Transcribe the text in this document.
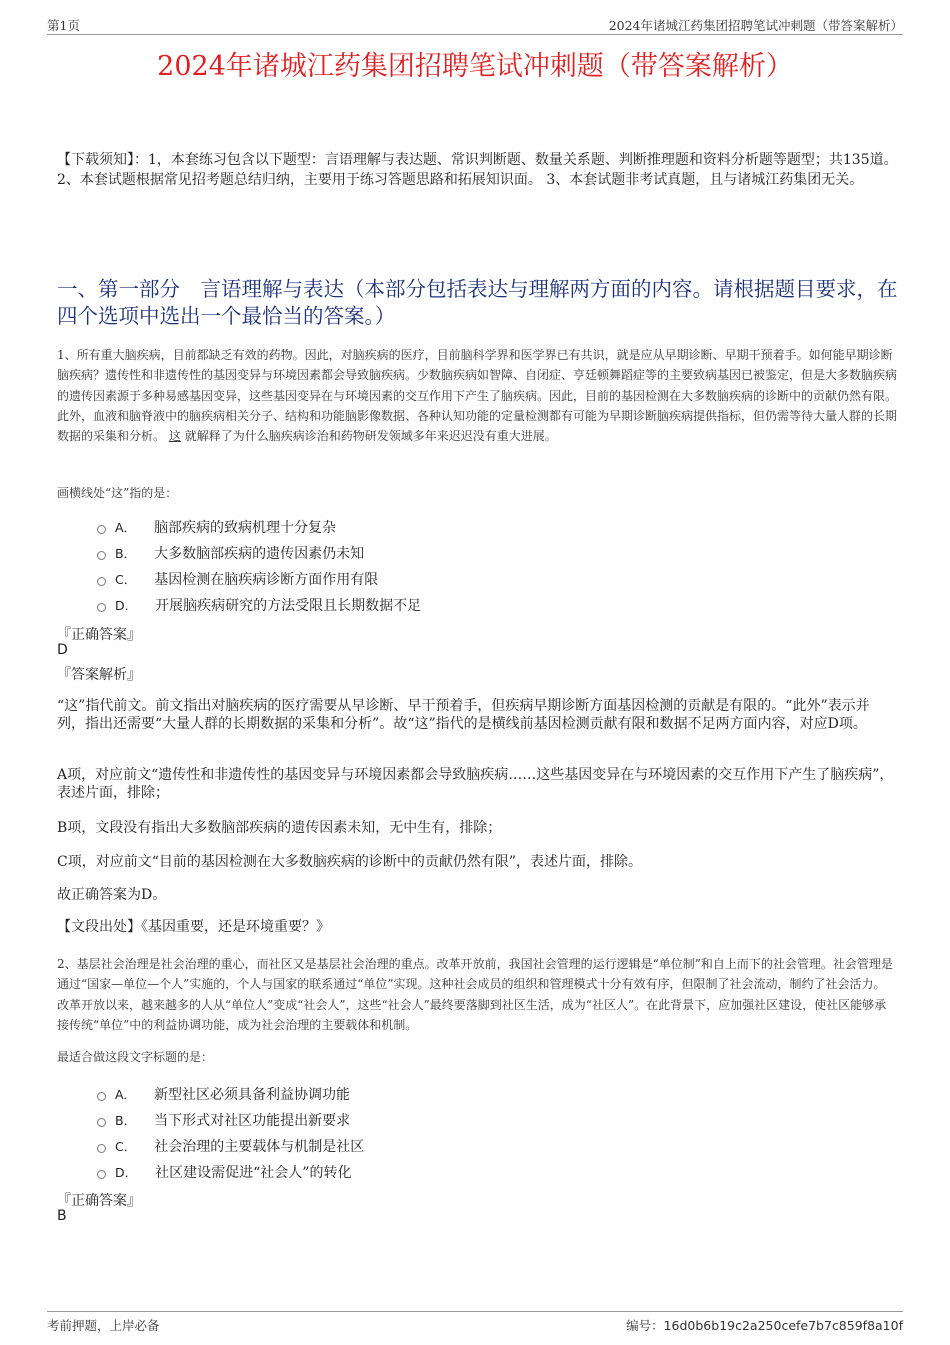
第1页	2024年诸城江药集团招聘笔试冲刺题（带答案解析）
2024年诸城江药集团招聘笔试冲刺题（带答案解析）
【下载须知】：1，本套练习包含以下题型：言语理解与表达题、常识判断题、数量关系题、判断推理题和资料分析题等题型；共135道。 2、本套试题根据常见招考题总结归纳，主要用于练习答题思路和拓展知识面。 3、本套试题非考试真题，且与诸城江药集团无关。
一、第一部分　言语理解与表达（本部分包括表达与理解两方面的内容。请根据题目要求，在四个选项中选出一个最恰当的答案。）
1、所有重大脑疾病，目前都缺乏有效的药物。因此，对脑疾病的医疗，目前脑科学界和医学界已有共识，就是应从早期诊断、早期干预着手。如何能早期诊断脑疾病？遗传性和非遗传性的基因变异与环境因素都会导致脑疾病。少数脑疾病如智障、自闭症、亨廷顿舞蹈症等的主要致病基因已被鉴定，但是大多数脑疾病的遗传因素源于多种易感基因变异，这些基因变异在与环境因素的交互作用下产生了脑疾病。因此，目前的基因检测在大多数脑疾病的诊断中的贡献仍然有限。此外，血液和脑脊液中的脑疾病相关分子、结构和功能脑影像数据、各种认知功能的定量检测都有可能为早期诊断脑疾病提供指标，但仍需等待大量人群的长期数据的采集和分析。 这 就解释了为什么脑疾病诊治和药物研发领域多年来迟迟没有重大进展。
画横线处“这”指的是：
A． 脑部疾病的致病机理十分复杂
B． 大多数脑部疾病的遗传因素仍未知
C． 基因检测在脑疾病诊断方面作用有限
D． 开展脑疾病研究的方法受限且长期数据不足
『正确答案』
D
『答案解析』
“这”指代前文。前文指出对脑疾病的医疗需要从早诊断、早干预着手，但疾病早期诊断方面基因检测的贡献是有限的。“此外”表示并列，指出还需要“大量人群的长期数据的采集和分析”。故“这”指代的是横线前基因检测贡献有限和数据不足两方面内容，对应D项。
A项，对应前文“遗传性和非遗传性的基因变异与环境因素都会导致脑疾病……这些基因变异在与环境因素的交互作用下产生了脑疾病”，表述片面，排除；
B项，文段没有指出大多数脑部疾病的遗传因素未知，无中生有，排除；
C项，对应前文“目前的基因检测在大多数脑疾病的诊断中的贡献仍然有限”，表述片面，排除。
故正确答案为D。
【文段出处】《基因重要，还是环境重要？》
2、基层社会治理是社会治理的重心，而社区又是基层社会治理的重点。改革开放前，我国社会管理的运行逻辑是“单位制”和自上而下的社会管理。社会管理是通过“国家—单位—个人”实施的，个人与国家的联系通过“单位”实现。这种社会成员的组织和管理模式十分有效有序，但限制了社会流动，制约了社会活力。改革开放以来，越来越多的人从“单位人”变成“社会人”，这些“社会人”最终要落脚到社区生活，成为“社区人”。在此背景下，应加强社区建设，使社区能够承接传统“单位”中的利益协调功能，成为社会治理的主要载体和机制。
最适合做这段文字标题的是：
A． 新型社区必须具备利益协调功能
B． 当下形式对社区功能提出新要求
C． 社会治理的主要载体与机制是社区
D． 社区建设需促进“社会人”的转化
『正确答案』
B
考前押题，上岸必备	编号：16d0b6b19c2a250cefe7b7c859f8a10f
